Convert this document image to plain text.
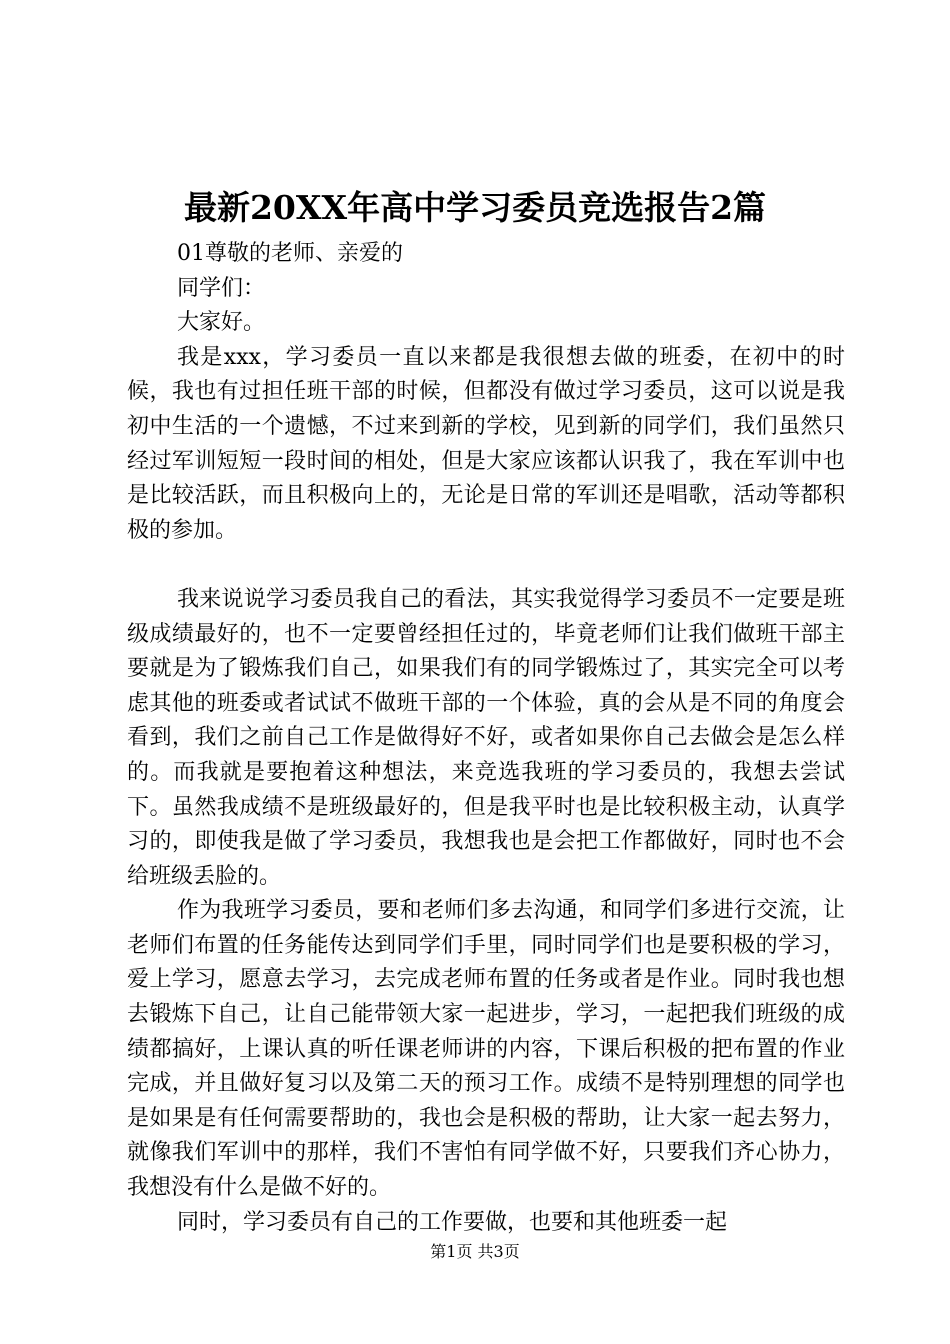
最新20XX年高中学习委员竞选报告2篇

01尊敬的老师、亲爱的

同学们：

大家好。

我是xxx，学习委员一直以来都是我很想去做的班委，在初中的时候，我也有过担任班干部的时候，但都没有做过学习委员，这可以说是我初中生活的一个遗憾，不过来到新的学校，见到新的同学们，我们虽然只经过军训短短一段时间的相处，但是大家应该都认识我了，我在军训中也是比较活跃，而且积极向上的，无论是日常的军训还是唱歌，活动等都积极的参加。

我来说说学习委员我自己的看法，其实我觉得学习委员不一定要是班级成绩最好的，也不一定要曾经担任过的，毕竟老师们让我们做班干部主要就是为了锻炼我们自己，如果我们有的同学锻炼过了，其实完全可以考虑其他的班委或者试试不做班干部的一个体验，真的会从是不同的角度会看到，我们之前自己工作是做得好不好，或者如果你自己去做会是怎么样的。而我就是要抱着这种想法，来竞选我班的学习委员的，我想去尝试下。虽然我成绩不是班级最好的，但是我平时也是比较积极主动，认真学习的，即使我是做了学习委员，我想我也是会把工作都做好，同时也不会给班级丢脸的。

作为我班学习委员，要和老师们多去沟通，和同学们多进行交流，让老师们布置的任务能传达到同学们手里，同时同学们也是要积极的学习，爱上学习，愿意去学习，去完成老师布置的任务或者是作业。同时我也想去锻炼下自己，让自己能带领大家一起进步，学习，一起把我们班级的成绩都搞好，上课认真的听任课老师讲的内容，下课后积极的把布置的作业完成，并且做好复习以及第二天的预习工作。成绩不是特别理想的同学也是如果是有任何需要帮助的，我也会是积极的帮助，让大家一起去努力，就像我们军训中的那样，我们不害怕有同学做不好，只要我们齐心协力，我想没有什么是做不好的。

同时，学习委员有自己的工作要做，也要和其他班委一起

第1页 共3页
